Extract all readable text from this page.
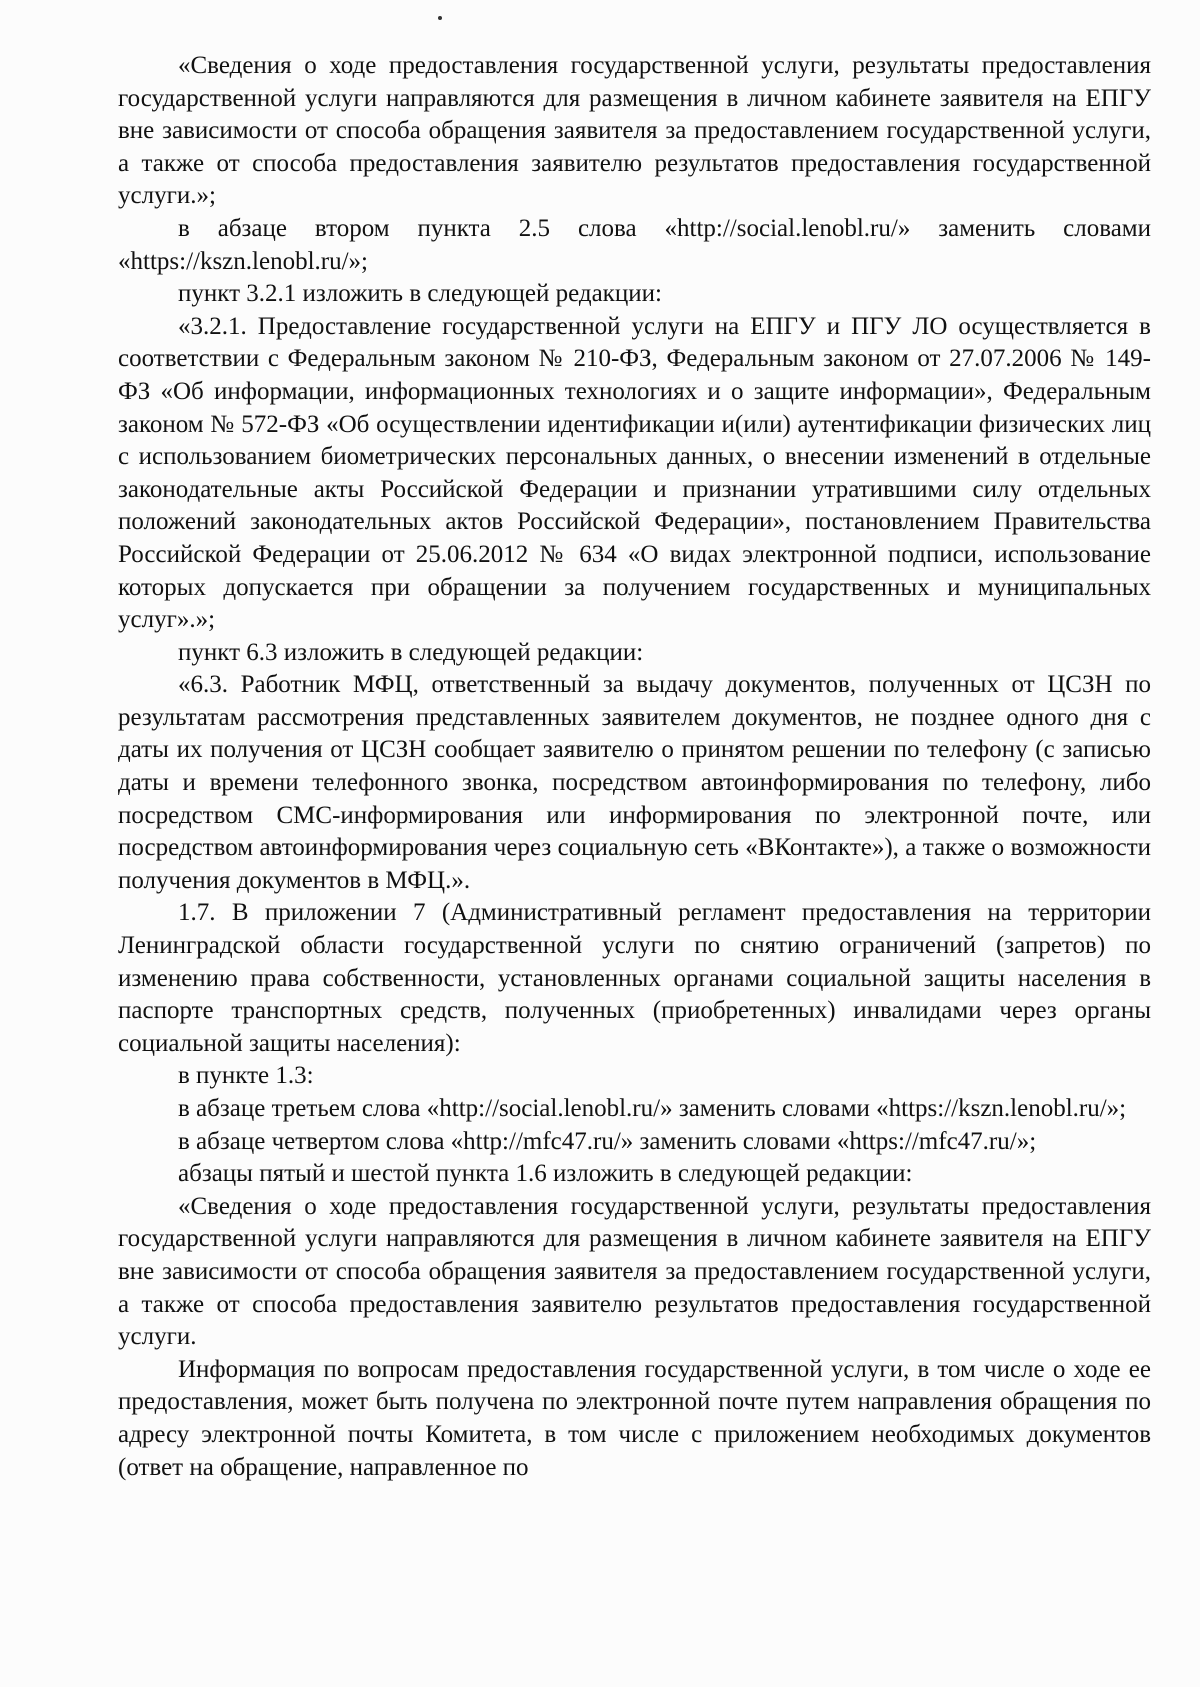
«Сведения о ходе предоставления государственной услуги, результаты предоставления государственной услуги направляются для размещения в личном кабинете заявителя на ЕПГУ вне зависимости от способа обращения заявителя за предоставлением государственной услуги, а также от способа предоставления заявителю результатов предоставления государственной услуги.»;

в абзаце втором пункта 2.5 слова «http://social.lenobl.ru/» заменить словами «https://kszn.lenobl.ru/»;

пункт 3.2.1 изложить в следующей редакции:

«3.2.1. Предоставление государственной услуги на ЕПГУ и ПГУ ЛО осуществляется в соответствии с Федеральным законом № 210-ФЗ, Федеральным законом от 27.07.2006 № 149-ФЗ «Об информации, информационных технологиях и о защите информации», Федеральным законом № 572-ФЗ «Об осуществлении идентификации и(или) аутентификации физических лиц с использованием биометрических персональных данных, о внесении изменений в отдельные законодательные акты Российской Федерации и признании утратившими силу отдельных положений законодательных актов Российской Федерации», постановлением Правительства Российской Федерации от 25.06.2012 № 634 «О видах электронной подписи, использование которых допускается при обращении за получением государственных и муниципальных услуг».»;

пункт 6.3 изложить в следующей редакции:

«6.3. Работник МФЦ, ответственный за выдачу документов, полученных от ЦСЗН по результатам рассмотрения представленных заявителем документов, не позднее одного дня с даты их получения от ЦСЗН сообщает заявителю о принятом решении по телефону (с записью даты и времени телефонного звонка, посредством автоинформирования по телефону, либо посредством СМС-информирования или информирования по электронной почте, или посредством автоинформирования через социальную сеть «ВКонтакте»), а также о возможности получения документов в МФЦ.».

1.7. В приложении 7 (Административный регламент предоставления на территории Ленинградской области государственной услуги по снятию ограничений (запретов) по изменению права собственности, установленных органами социальной защиты населения в паспорте транспортных средств, полученных (приобретенных) инвалидами через органы социальной защиты населения):

в пункте 1.3:

в абзаце третьем слова «http://social.lenobl.ru/» заменить словами «https://kszn.lenobl.ru/»;

в абзаце четвертом слова «http://mfc47.ru/» заменить словами «https://mfc47.ru/»;

абзацы пятый и шестой пункта 1.6 изложить в следующей редакции:

«Сведения о ходе предоставления государственной услуги, результаты предоставления государственной услуги направляются для размещения в личном кабинете заявителя на ЕПГУ вне зависимости от способа обращения заявителя за предоставлением государственной услуги, а также от способа предоставления заявителю результатов предоставления государственной услуги.

Информация по вопросам предоставления государственной услуги, в том числе о ходе ее предоставления, может быть получена по электронной почте путем направления обращения по адресу электронной почты Комитета, в том числе с приложением необходимых документов (ответ на обращение, направленное по
